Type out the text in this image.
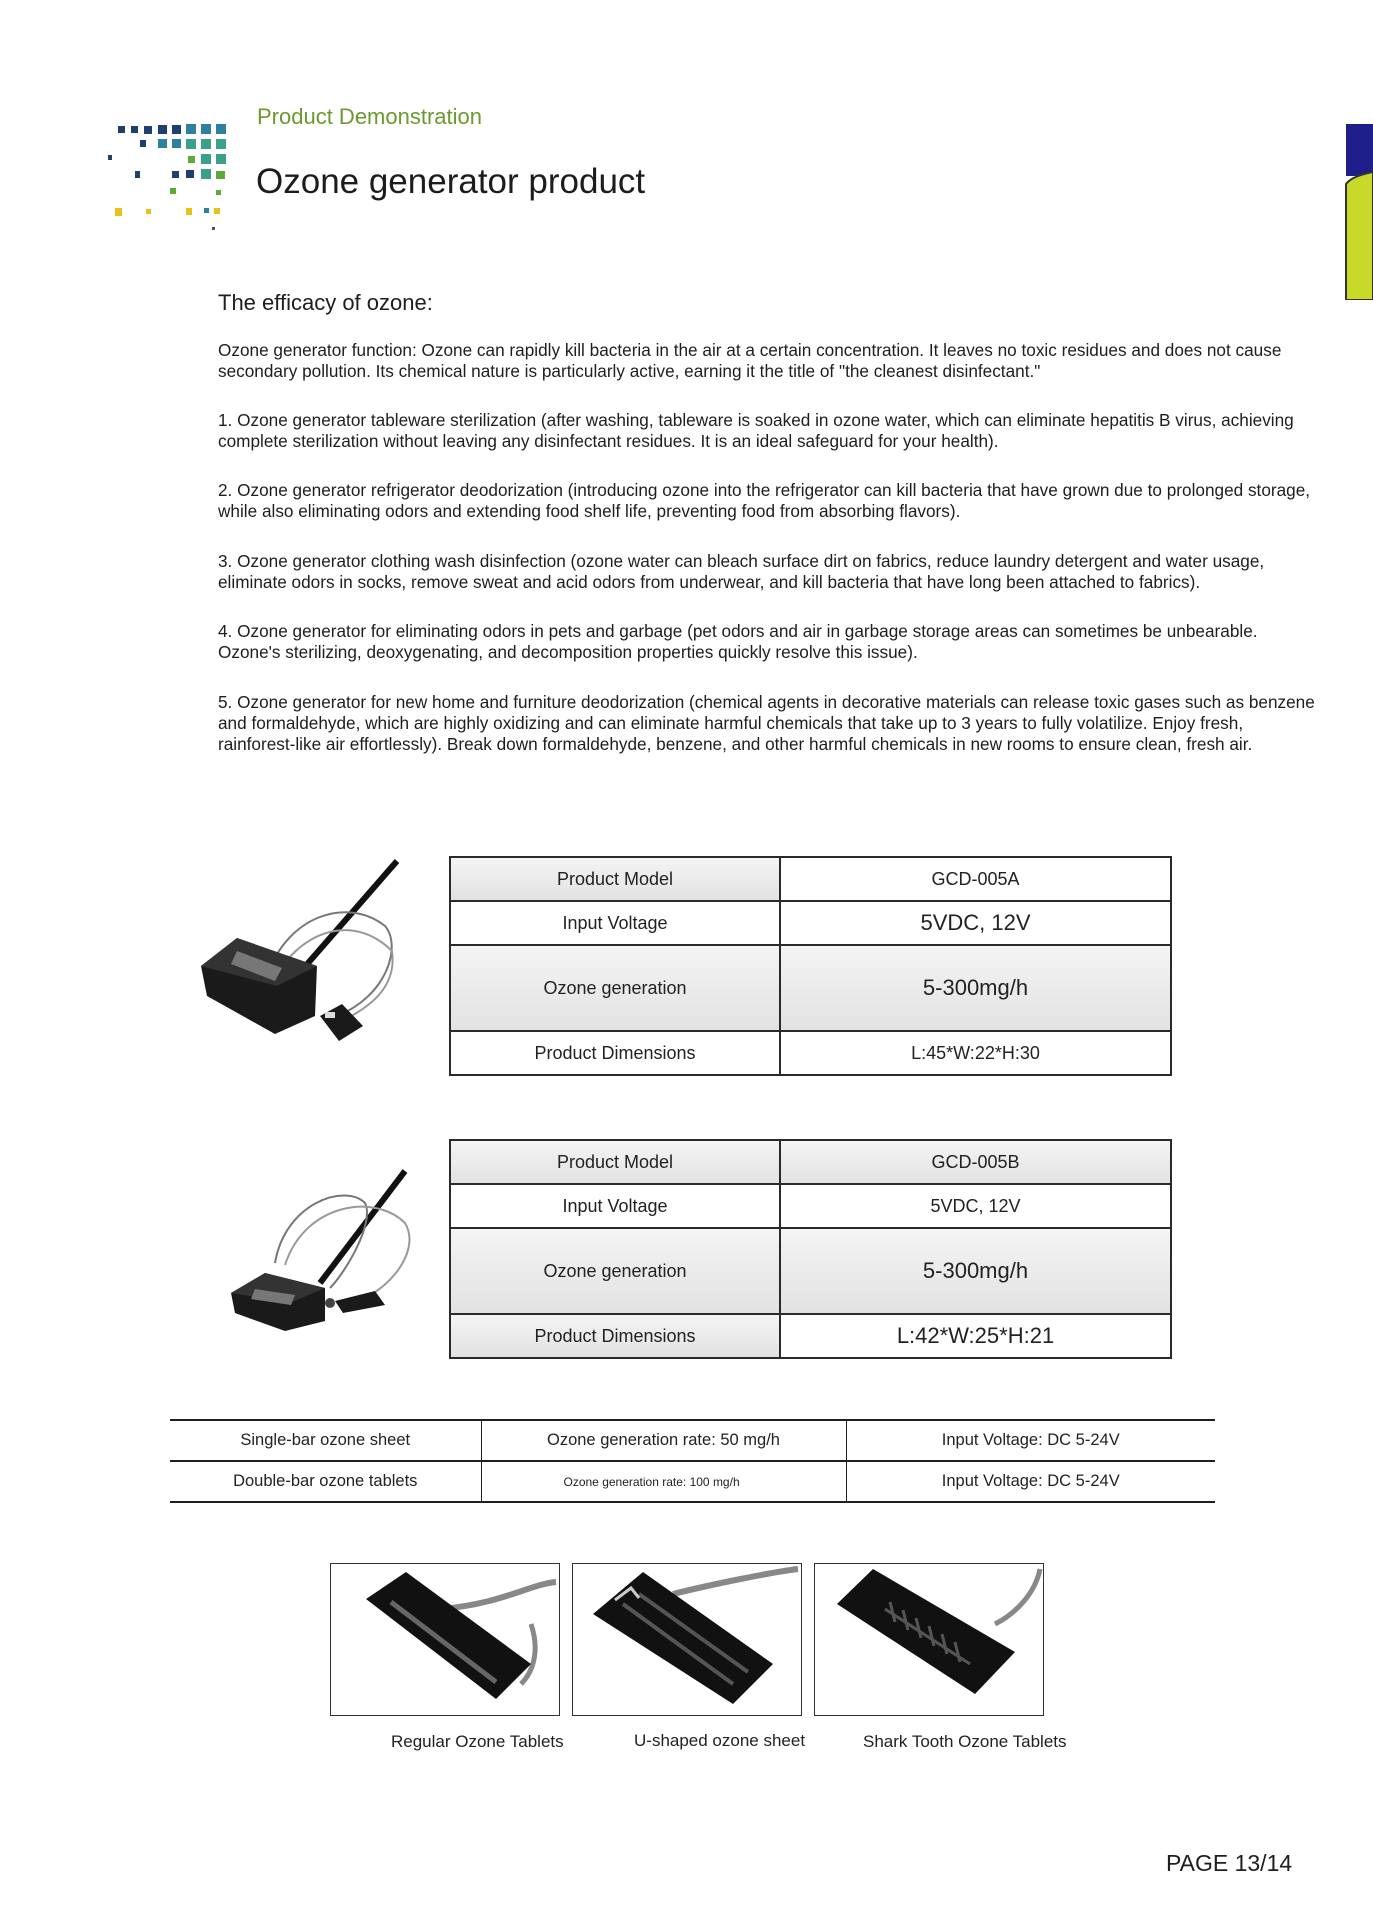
Product Demonstration
Ozone generator product
The efficacy of ozone:

Ozone generator function: Ozone can rapidly kill bacteria in the air at a certain concentration. It leaves no toxic residues and does not cause secondary pollution. Its chemical nature is particularly active, earning it the title of "the cleanest disinfectant."

1. Ozone generator tableware sterilization (after washing, tableware is soaked in ozone water, which can eliminate hepatitis B virus, achieving complete sterilization without leaving any disinfectant residues. It is an ideal safeguard for your health).

2. Ozone generator refrigerator deodorization (introducing ozone into the refrigerator can kill bacteria that have grown due to prolonged storage, while also eliminating odors and extending food shelf life, preventing food from absorbing flavors).

3. Ozone generator clothing wash disinfection (ozone water can bleach surface dirt on fabrics, reduce laundry detergent and water usage, eliminate odors in socks, remove sweat and acid odors from underwear, and kill bacteria that have long been attached to fabrics).

4. Ozone generator for eliminating odors in pets and garbage (pet odors and air in garbage storage areas can sometimes be unbearable. Ozone's sterilizing, deoxygenating, and decomposition properties quickly resolve this issue).

5. Ozone generator for new home and furniture deodorization (chemical agents in decorative materials can release toxic gases such as benzene and formaldehyde, which are highly oxidizing and can eliminate harmful chemicals that take up to 3 years to fully volatilize. Enjoy fresh, rainforest-like air effortlessly). Break down formaldehyde, benzene, and other harmful chemicals in new rooms to ensure clean, fresh air.

Product Model	GCD-005A
Input Voltage	5VDC, 12V
Ozone generation	5-300mg/h
Product Dimensions	L:45*W:22*H:30
Product Model	GCD-005B
Input Voltage	5VDC, 12V
Ozone generation	5-300mg/h
Product Dimensions	L:42*W:25*H:21
Single-bar ozone sheet	Ozone generation rate: 50 mg/h	Input Voltage: DC 5-24V
Double-bar ozone tablets	Ozone generation rate: 100 mg/h	Input Voltage: DC 5-24V
Regular Ozone Tablets	U-shaped ozone sheet	Shark Tooth Ozone Tablets
PAGE 13/14
